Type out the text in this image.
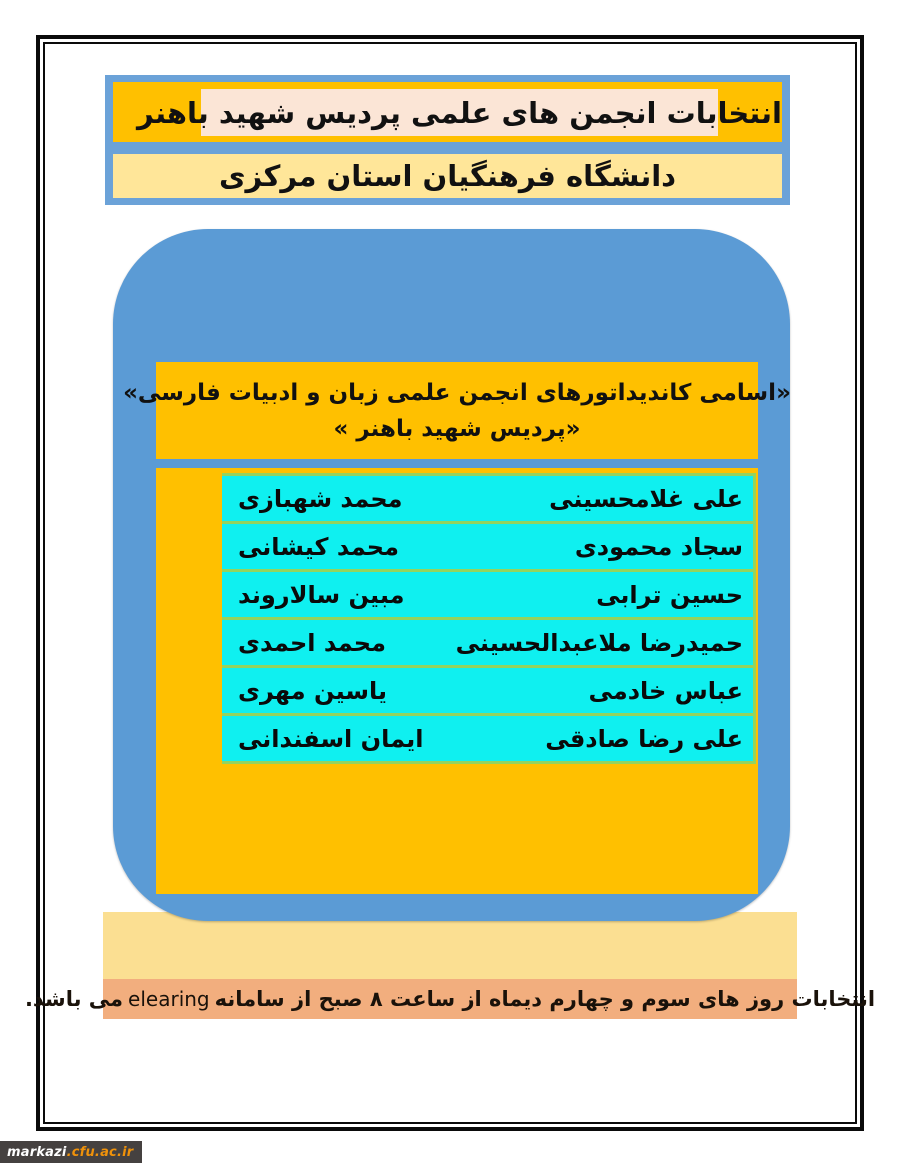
انتخابات انجمن های علمی پردیس شهید باهنر
دانشگاه فرهنگیان استان مرکزی
انتخابات روز های سوم و چهارم دیماه از ساعت ۸ صبح از سامانه
elearing
می باشد.
«اسامی کاندیداتورهای انجمن علمی زبان و ادبیات فارسی»
«پردیس شهید باهنر »
علی غلامحسینی
محمد شهبازی
سجاد محمودی
محمد کیشانی
حسین ترابی
مبین سالاروند
حمیدرضا ملاعبدالحسینی
محمد احمدی
عباس خادمی
یاسین مهری
علی رضا صادقی
ایمان اسفندانی
markazi .cfu.ac.ir
